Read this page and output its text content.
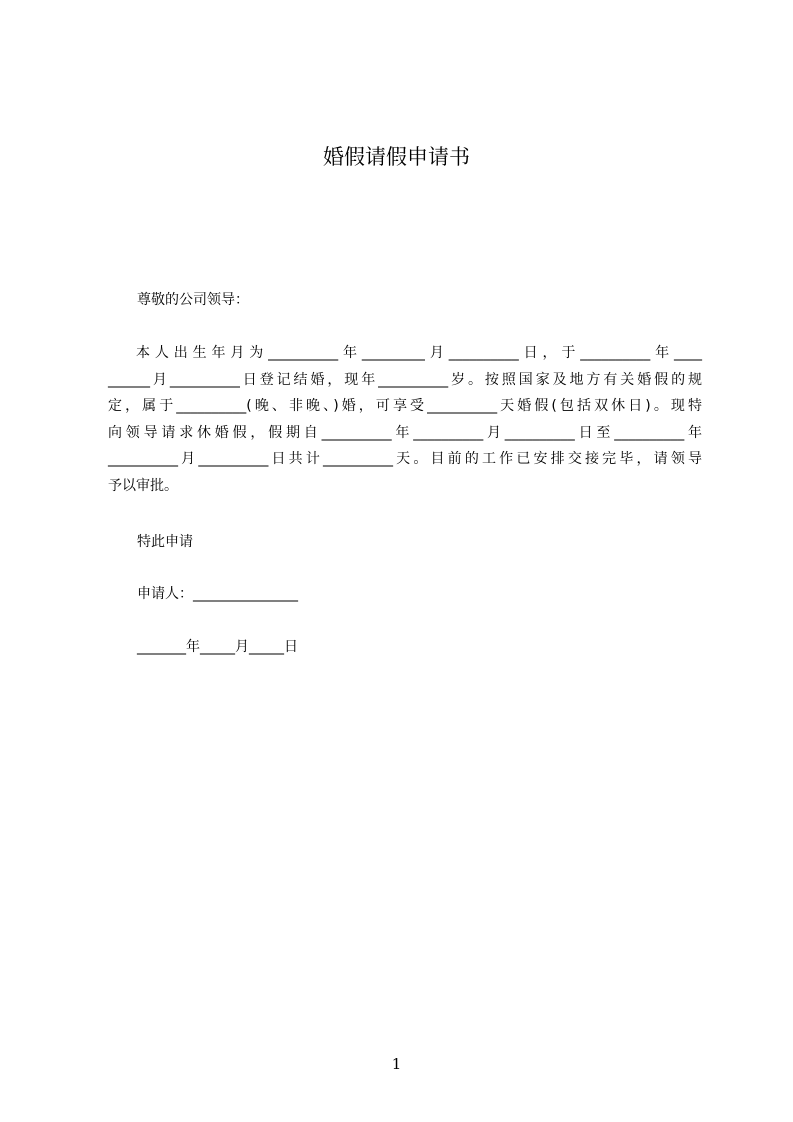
婚假请假申请书
尊敬的公司领导：
本人出生年月为__________年_________月__________日，于__________年____
______月__________日登记结婚，现年__________岁。按照国家及地方有关婚假的规
定，属于__________(晚、非晚、)婚，可享受__________天婚假(包括双休日)。现特
向领导请求休婚假，假期自__________年__________月__________日至__________年
__________月__________日共计__________天。目前的工作已安排交接完毕，请领导
予以审批。
特此申请
申请人：_______________
_______年_____月_____日
1
